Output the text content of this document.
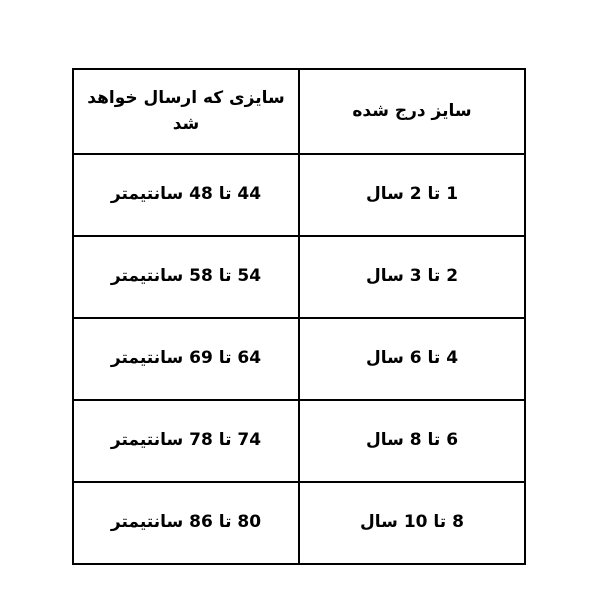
سایز درج شده	سایزی که ارسال خواهد شد
1 تا 2 سال	44 تا 48 سانتیمتر
2 تا 3 سال	54 تا 58 سانتیمتر
4 تا 6 سال	64 تا 69 سانتیمتر
6 تا 8 سال	74 تا 78 سانتیمتر
8 تا 10 سال	80 تا 86 سانتیمتر
